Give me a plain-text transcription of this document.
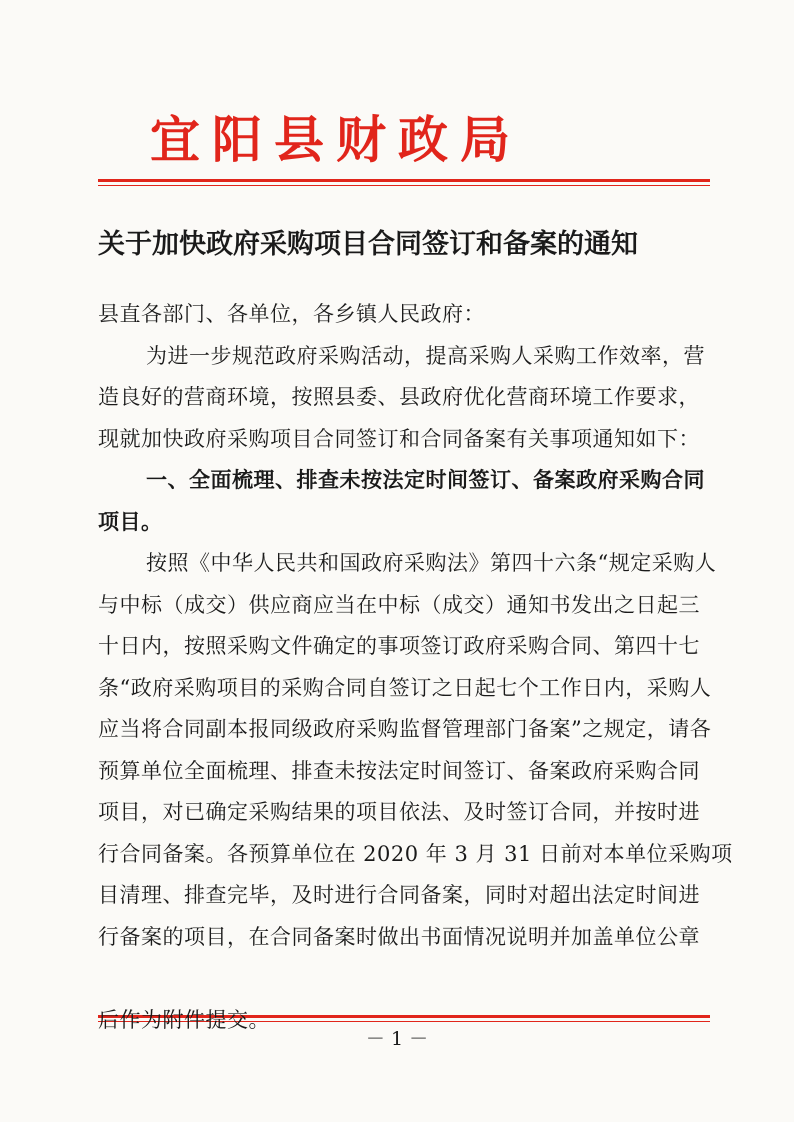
宜阳县财政局
关于加快政府采购项目合同签订和备案的通知
县直各部门、各单位，各乡镇人民政府：
为进一步规范政府采购活动，提高采购人采购工作效率，营
造良好的营商环境，按照县委、县政府优化营商环境工作要求，
现就加快政府采购项目合同签订和合同备案有关事项通知如下：
一、全面梳理、排查未按法定时间签订、备案政府采购合同
项目。
按照《中华人民共和国政府采购法》第四十六条“规定采购人
与中标（成交）供应商应当在中标（成交）通知书发出之日起三
十日内，按照采购文件确定的事项签订政府采购合同、第四十七
条“政府采购项目的采购合同自签订之日起七个工作日内，采购人
应当将合同副本报同级政府采购监督管理部门备案”之规定，请各
预算单位全面梳理、排查未按法定时间签订、备案政府采购合同
项目，对已确定采购结果的项目依法、及时签订合同，并按时进
行合同备案。各预算单位在 2020 年 3 月 31 日前对本单位采购项
目清理、排查完毕，及时进行合同备案，同时对超出法定时间进
行备案的项目，在合同备案时做出书面情况说明并加盖单位公章
－ 1 －
后作为附件提交。
